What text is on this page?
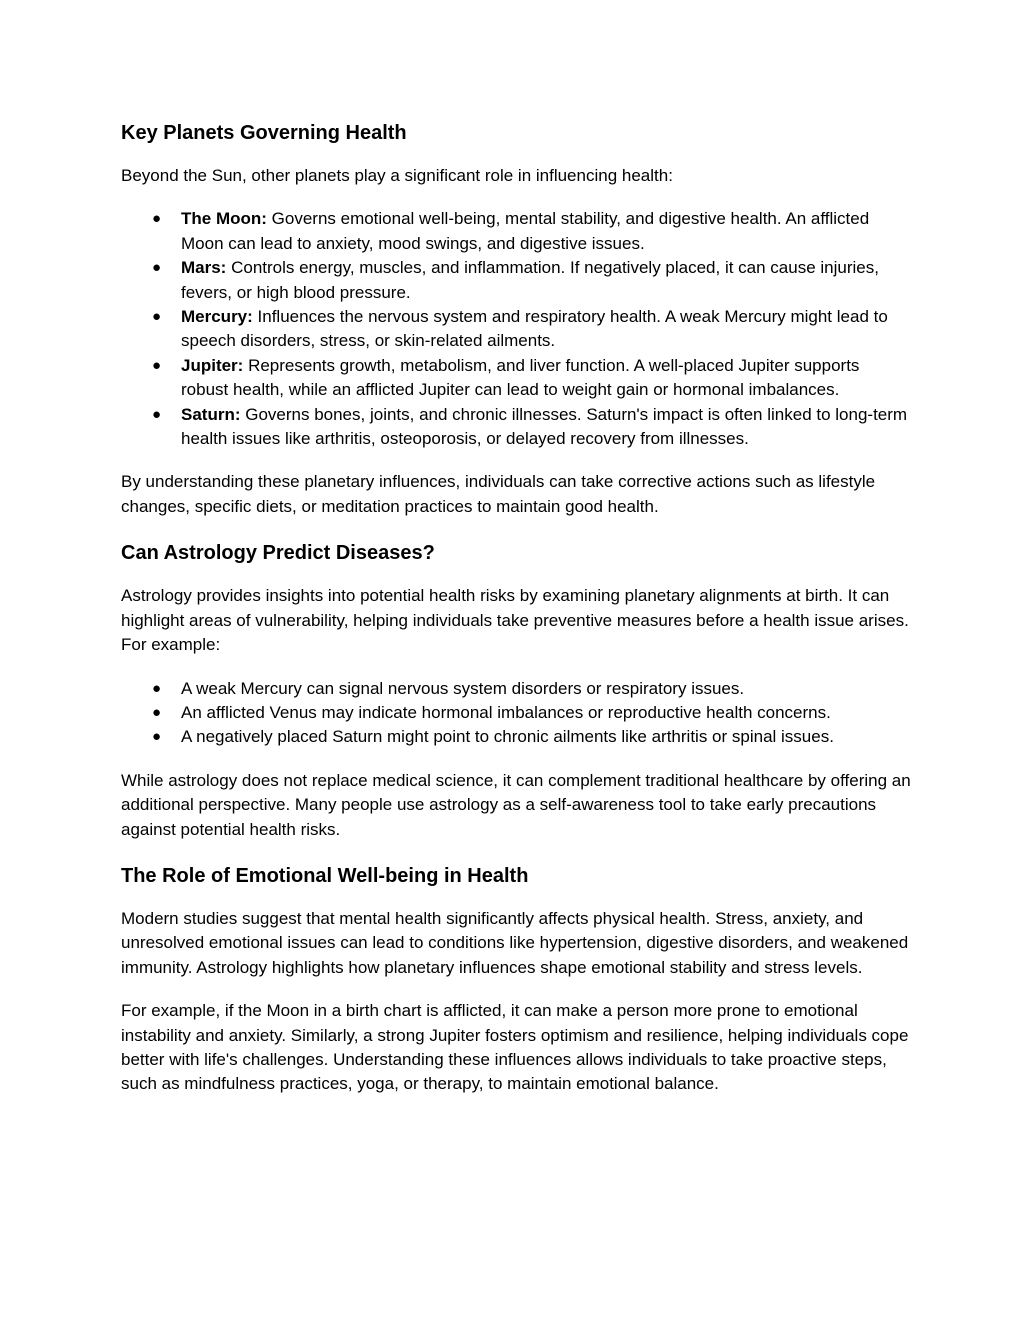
Key Planets Governing Health

Beyond the Sun, other planets play a significant role in influencing health:

● The Moon: Governs emotional well-being, mental stability, and digestive health. An afflicted Moon can lead to anxiety, mood swings, and digestive issues.
● Mars: Controls energy, muscles, and inflammation. If negatively placed, it can cause injuries, fevers, or high blood pressure.
● Mercury: Influences the nervous system and respiratory health. A weak Mercury might lead to speech disorders, stress, or skin-related ailments.
● Jupiter: Represents growth, metabolism, and liver function. A well-placed Jupiter supports robust health, while an afflicted Jupiter can lead to weight gain or hormonal imbalances.
● Saturn: Governs bones, joints, and chronic illnesses. Saturn's impact is often linked to long-term health issues like arthritis, osteoporosis, or delayed recovery from illnesses.

By understanding these planetary influences, individuals can take corrective actions such as lifestyle changes, specific diets, or meditation practices to maintain good health.

Can Astrology Predict Diseases?

Astrology provides insights into potential health risks by examining planetary alignments at birth. It can highlight areas of vulnerability, helping individuals take preventive measures before a health issue arises. For example:

● A weak Mercury can signal nervous system disorders or respiratory issues.
● An afflicted Venus may indicate hormonal imbalances or reproductive health concerns.
● A negatively placed Saturn might point to chronic ailments like arthritis or spinal issues.

While astrology does not replace medical science, it can complement traditional healthcare by offering an additional perspective. Many people use astrology as a self-awareness tool to take early precautions against potential health risks.

The Role of Emotional Well-being in Health

Modern studies suggest that mental health significantly affects physical health. Stress, anxiety, and unresolved emotional issues can lead to conditions like hypertension, digestive disorders, and weakened immunity. Astrology highlights how planetary influences shape emotional stability and stress levels.

For example, if the Moon in a birth chart is afflicted, it can make a person more prone to emotional instability and anxiety. Similarly, a strong Jupiter fosters optimism and resilience, helping individuals cope better with life's challenges. Understanding these influences allows individuals to take proactive steps, such as mindfulness practices, yoga, or therapy, to maintain emotional balance.
